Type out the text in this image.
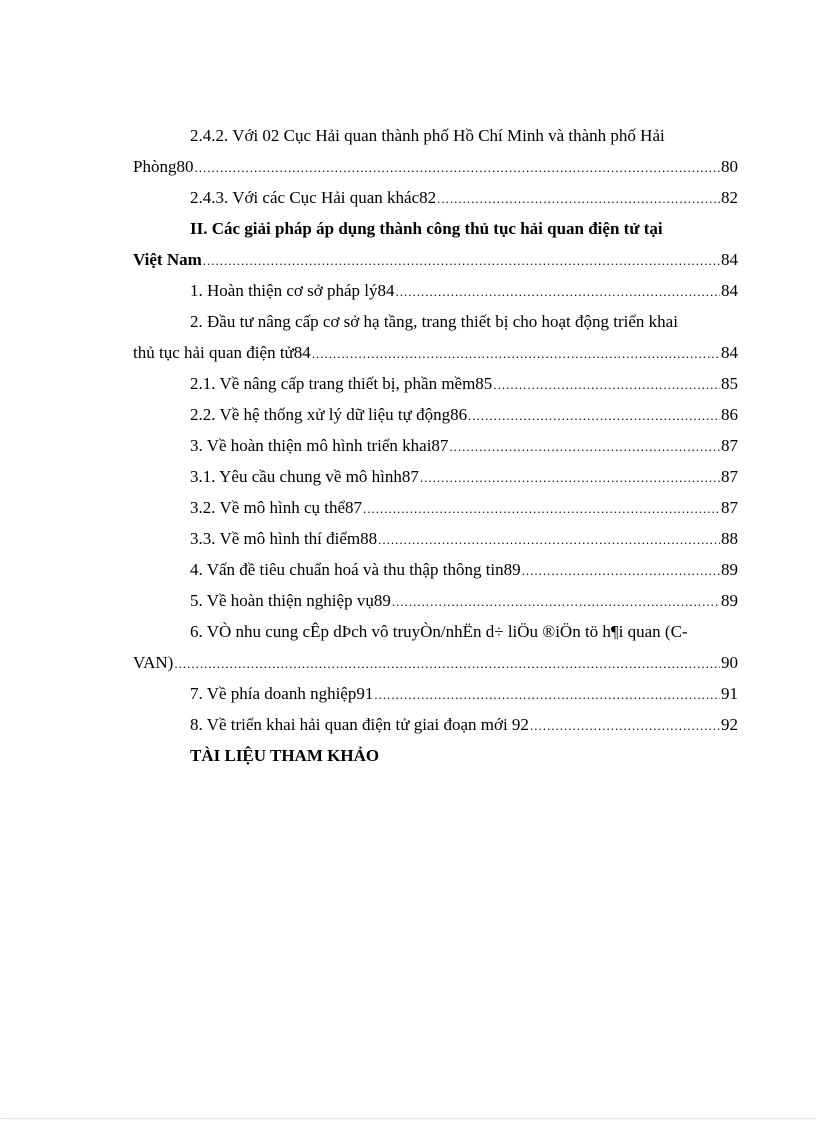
2.4.2. Với 02 Cục Hải quan thành phố Hồ Chí Minh và thành phố Hải
Phòng80 .....	80
2.4.3. Với các Cục Hải quan khác82 .....	82
II. Các giải pháp áp dụng thành công thủ tục hải quan điện tử tại
Việt Nam .....	84
1. Hoàn thiện cơ sở pháp lý84 .....	84
2. Đầu tư nâng cấp cơ sở hạ tầng, trang thiết bị cho hoạt động triển khai
thủ tục hải quan điện tử84 .....	84
2.1. Về nâng cấp trang thiết bị, phần mềm85 .....	85
2.2. Về hệ thống xử lý dữ liệu tự động86 .....	86
3. Về hoàn thiện mô hình triển khai87 .....	87
3.1. Yêu cầu chung về mô hình87 .....	87
3.2. Về mô hình cụ thể87 .....	87
3.3. Về mô hình thí điểm88 .....	88
4. Vấn đề tiêu chuẩn hoá và thu thập thông tin89 .....	89
5. Về hoàn thiện nghiệp vụ89 .....	89
6. VÒ nhu cung cÊp dÞch vô truyÒn/nhËn d÷ liÖu ®iÖn tö h¶i quan (C-
VAN) .....	90
7. Về phía doanh nghiệp91 .....	91
8. Về triển khai hải quan điện tử giai đoạn mới 92 .....	92
TÀI LIỆU THAM KHẢO
